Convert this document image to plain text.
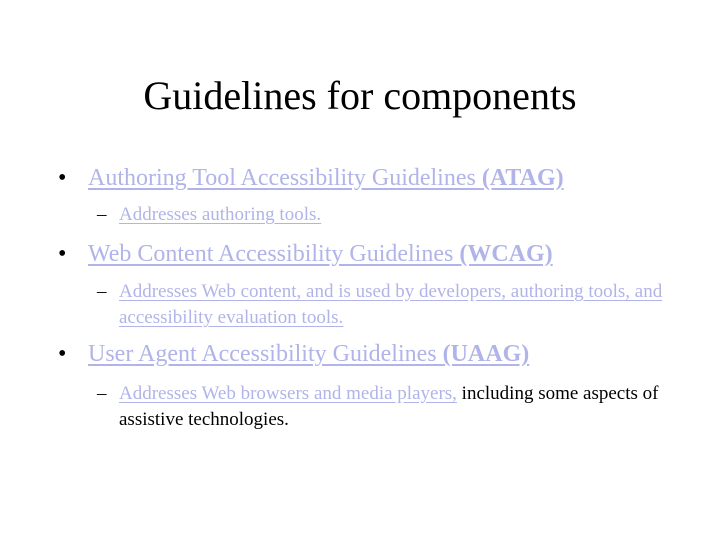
Guidelines for components
• Authoring Tool Accessibility Guidelines (ATAG)
– Addresses authoring tools.
• Web Content Accessibility Guidelines (WCAG)
– Addresses Web content, and is used by developers, authoring tools, and accessibility evaluation tools.
• User Agent Accessibility Guidelines (UAAG)
– Addresses Web browsers and media players, including some aspects of assistive technologies.
